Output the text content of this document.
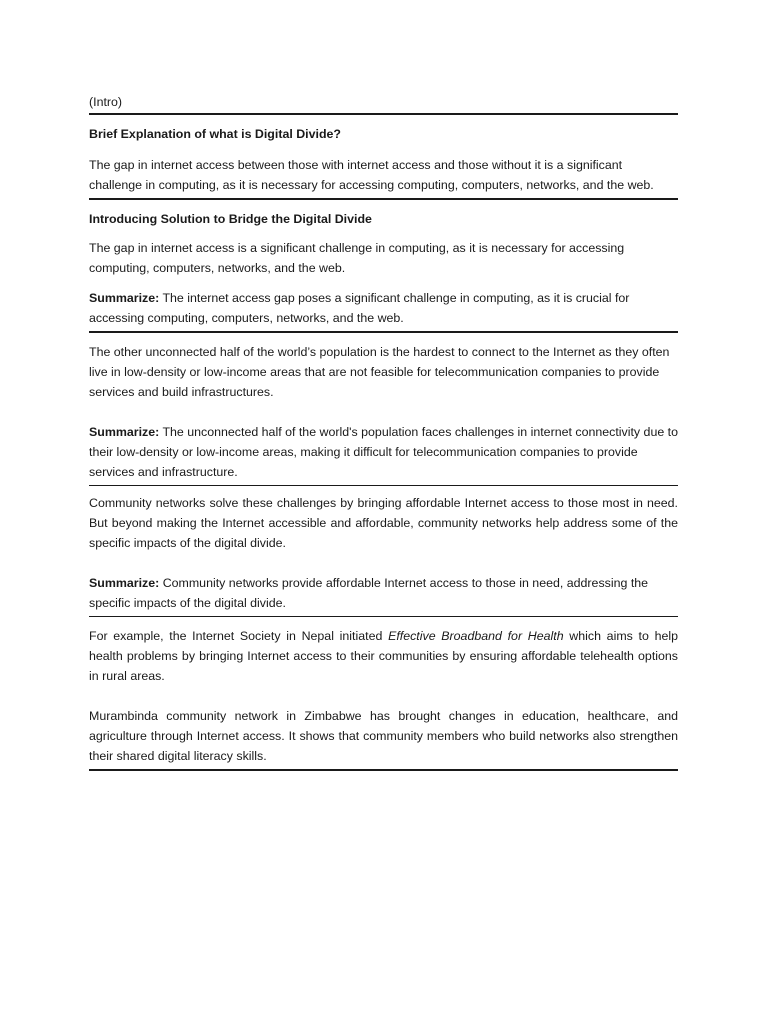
(Intro)

Brief Explanation of what is Digital Divide?

The gap in internet access between those with internet access and those without it is a significant challenge in computing, as it is necessary for accessing computing, computers, networks, and the web.

Introducing Solution to Bridge the Digital Divide

The gap in internet access is a significant challenge in computing, as it is necessary for accessing computing, computers, networks, and the web.

Summarize: The internet access gap poses a significant challenge in computing, as it is crucial for accessing computing, computers, networks, and the web.

The other unconnected half of the world’s population is the hardest to connect to the Internet as they often live in low-density or low-income areas that are not feasible for telecommunication companies to provide services and build infrastructures.

Summarize: The unconnected half of the world's population faces challenges in internet connectivity due to their low-density or low-income areas, making it difficult for telecommunication companies to provide services and infrastructure.

Community networks solve these challenges by bringing affordable Internet access to those most in need. But beyond making the Internet accessible and affordable, community networks help address some of the specific impacts of the digital divide.

Summarize: Community networks provide affordable Internet access to those in need, addressing the specific impacts of the digital divide.

For example, the Internet Society in Nepal initiated Effective Broadband for Health which aims to help health problems by bringing Internet access to their communities by ensuring affordable telehealth options in rural areas.

Murambinda community network in Zimbabwe has brought changes in education, healthcare, and agriculture through Internet access. It shows that community members who build networks also strengthen their shared digital literacy skills.
